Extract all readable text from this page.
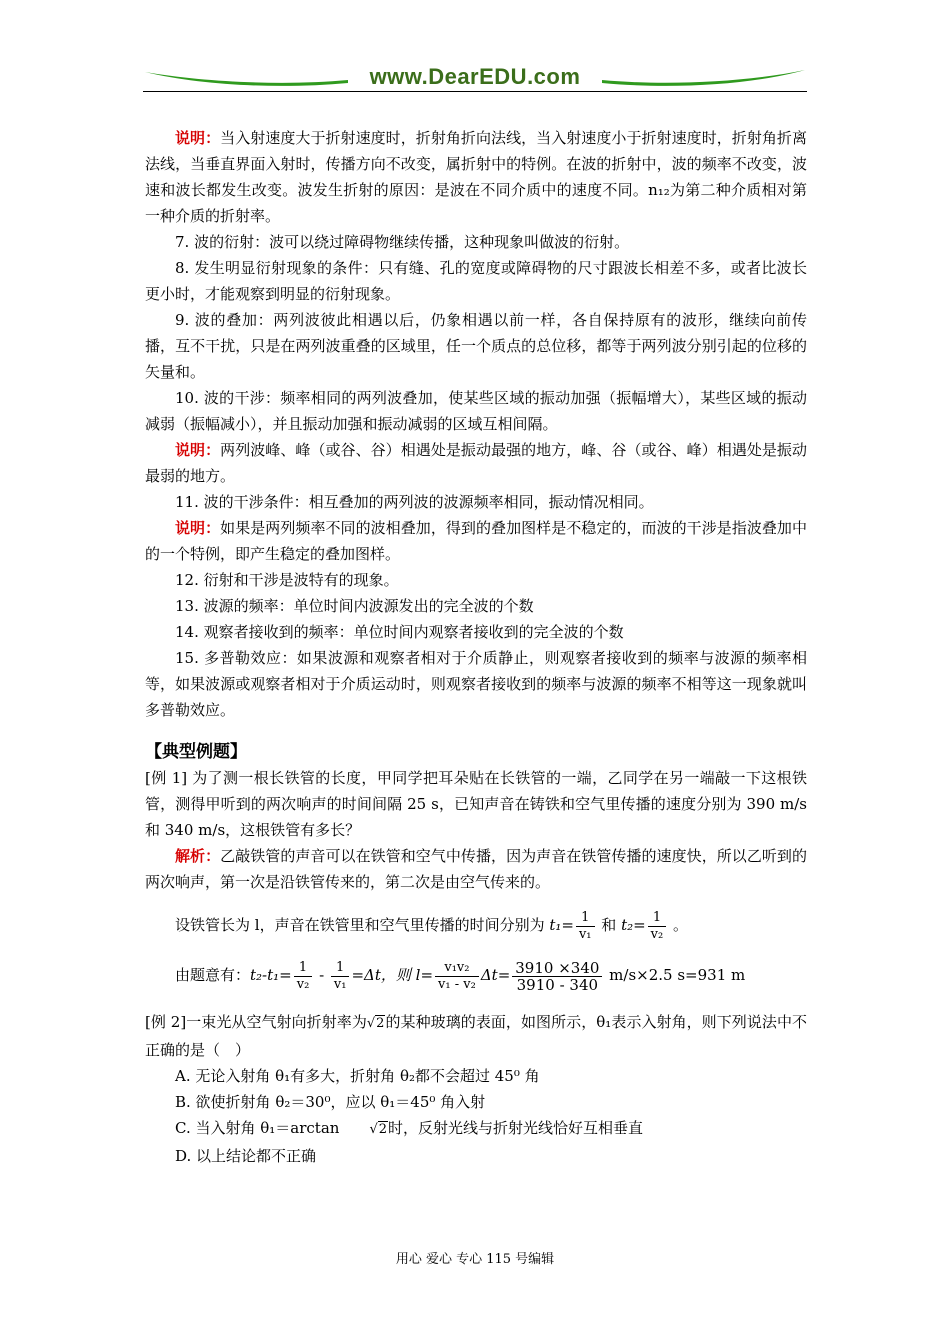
www.DearEDU.com

说明：当入射速度大于折射速度时，折射角折向法线，当入射速度小于折射速度时，折射角折离法线，当垂直界面入射时，传播方向不改变，属折射中的特例。在波的折射中，波的频率不改变，波速和波长都发生改变。波发生折射的原因：是波在不同介质中的速度不同。n₁₂为第二种介质相对第一种介质的折射率。

7. 波的衍射：波可以绕过障碍物继续传播，这种现象叫做波的衍射。

8. 发生明显衍射现象的条件：只有缝、孔的宽度或障碍物的尺寸跟波长相差不多，或者比波长更小时，才能观察到明显的衍射现象。

9. 波的叠加：两列波彼此相遇以后，仍象相遇以前一样，各自保持原有的波形，继续向前传播，互不干扰，只是在两列波重叠的区域里，任一个质点的总位移，都等于两列波分别引起的位移的矢量和。

10. 波的干涉：频率相同的两列波叠加，使某些区域的振动加强（振幅增大），某些区域的振动减弱（振幅减小），并且振动加强和振动减弱的区域互相间隔。

说明：两列波峰、峰（或谷、谷）相遇处是振动最强的地方，峰、谷（或谷、峰）相遇处是振动最弱的地方。

11. 波的干涉条件：相互叠加的两列波的波源频率相同，振动情况相同。

说明：如果是两列频率不同的波相叠加，得到的叠加图样是不稳定的，而波的干涉是指波叠加中的一个特例，即产生稳定的叠加图样。

12. 衍射和干涉是波特有的现象。

13. 波源的频率：单位时间内波源发出的完全波的个数

14. 观察者接收到的频率：单位时间内观察者接收到的完全波的个数

15. 多普勒效应：如果波源和观察者相对于介质静止，则观察者接收到的频率与波源的频率相等，如果波源或观察者相对于介质运动时，则观察者接收到的频率与波源的频率不相等这一现象就叫多普勒效应。

【典型例题】

[例 1] 为了测一根长铁管的长度，甲同学把耳朵贴在长铁管的一端，乙同学在另一端敲一下这根铁管，测得甲听到的两次响声的时间间隔 25 s，已知声音在铸铁和空气里传播的速度分别为 390 m/s 和 340 m/s，这根铁管有多长？

解析：乙敲铁管的声音可以在铁管和空气中传播，因为声音在铁管传播的速度快，所以乙听到的两次响声，第一次是沿铁管传来的，第二次是由空气传来的。

设铁管长为 l，声音在铁管里和空气里传播的时间分别为 $t_1= \frac{1}{\text{v₁}}$ 和 $t_2= \frac{1}{\text{v₂}}$ 。
由题意有：$t_2-t_1= \frac{1}{\text{v₂}} - \frac{1}{\text{v₁}} =\Delta t$，则 $l= \frac{\text{v₁v₂}}{\text{v₁ - v₂}} \Delta t= \frac{3910 \times 340}{3910 - 340} m/s\times 2.5$ s=931 m

[例 2]一束光从空气射向折射率为√2的某种玻璃的表面，如图所示，θ₁表示入射角，则下列说法中不正确的是（　）

A. 无论入射角 θ₁有多大，折射角 θ₂都不会超过 45⁰ 角

B. 欲使折射角 θ₂＝30⁰，应以 θ₁＝45⁰ 角入射

C. 当入射角 θ₁＝arctan √2时，反射光线与折射光线恰好互相垂直

D. 以上结论都不正确

用心 爱心 专心 115 号编辑
